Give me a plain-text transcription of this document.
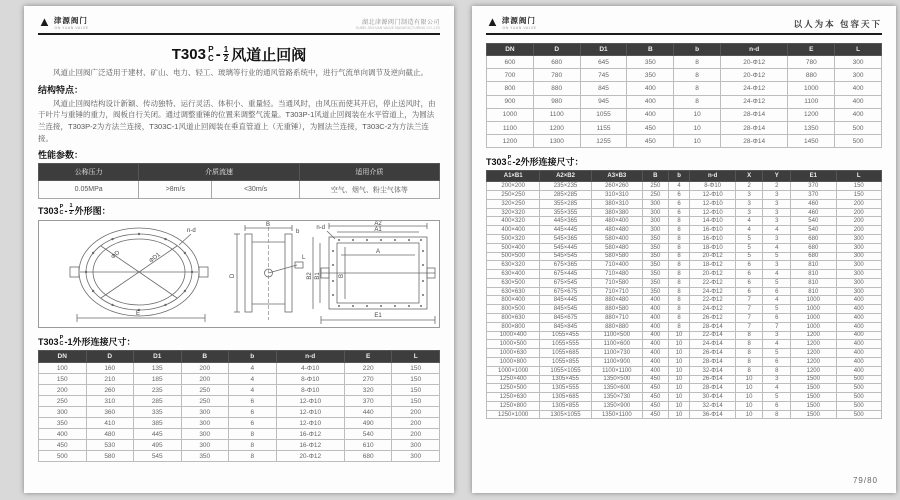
▲ 津源阀门
JIN YUAN VALVE
湖北津源阀门制造有限公司
HUBEI JINYUAN VALVE MANUFACTURING CO.,LTD
T303 P
C - $\frac{1}{2}$ 风道止回阀

风道止回阀广泛适用于建材、矿山、电力、轻工、玻璃等行业的通风管路系统中，进行气流单向调节及逆向截止。

结构特点：

风道止回阀结构设计新颖、传动独特、运行灵活、体积小、重量轻。当通风时，由风压而使其开启，停止送风时，由于叶片与重锤的重力，阀板自行关闭。通过调整重锤的位置来调整气流量。T303P-1风道止回阀装在水平管道上，为圆法兰连接，T303P-2为方法兰连接，T303C-1风道止回阀装在垂直管道上（无重锤），为圆法兰连接，T303C-2为方法兰连接。

性能参数：
公称压力	介质流速		适用介质
0.05MPa	>8m/s	<30m/s	空气、烟气、粉尘气体等
T303 P
C - $\frac{1}{2}$ 外形图：
n-d
ΦD	ΦD1
E
B
b
D
L
n-d
A2
A1
A
B2 B1	B
E1
T303 P
C -1外形连接尺寸：
DN	D	D1	B	b	n-d	E	L
100	160	135	200	4	4-Φ10	220	150
150	210	185	200	4	8-Φ10	270	150
200	260	235	250	4	8-Φ10	320	150
250	310	285	250	6	12-Φ10	370	150
300	360	335	300	6	12-Φ10	440	200
350	410	385	300	6	12-Φ10	490	200
400	480	445	300	8	16-Φ12	540	200
450	530	495	300	8	16-Φ12	610	300
500	580	545	350	8	20-Φ12	680	300
▲ 津源阀门
JIN YUAN VALVE	以人为本 包容天下
DN	D	D1	B	b	n-d	E	L
600	680	645	350	8	20-Φ12	780	300
700	780	745	350	8	20-Φ12	880	300
800	880	845	400	8	24-Φ12	1000	400
900	980	945	400	8	24-Φ12	1100	400
1000	1100	1055	400	10	28-Φ14	1200	400
1100	1200	1155	450	10	28-Φ14	1350	500
1200	1300	1255	450	10	28-Φ14	1450	500
T303 P
C -2外形连接尺寸：
A1×B1	A2×B2	A3×B3	B	b	n-d	X	Y	E1	L
200×200	235×235	260×260	250	4	8-Φ10	2	2	370	150
250×250	285×285	310×310	250	6	12-Φ10	3	3	370	150
320×250	355×285	380×310	300	6	12-Φ10	3	3	460	200
320×320	355×355	380×380	300	6	12-Φ10	3	3	460	200
400×320	445×365	480×400	300	8	14-Φ10	4	3	540	200
400×400	445×445	480×480	300	8	16-Φ10	4	4	540	200
500×320	545×365	580×400	350	8	16-Φ10	5	3	680	300
500×400	545×445	580×480	350	8	18-Φ10	5	4	680	300
500×500	545×545	580×580	350	8	20-Φ12	5	5	680	300
630×320	675×365	710×400	350	8	18-Φ12	6	3	810	300
630×400	675×445	710×480	350	8	20-Φ12	6	4	810	300
630×500	675×545	710×580	350	8	22-Φ12	6	5	810	300
630×630	675×675	710×710	350	8	24-Φ12	6	6	810	300
800×400	845×445	880×480	400	8	22-Φ12	7	4	1000	400
800×500	845×545	880×580	400	8	24-Φ12	7	5	1000	400
800×630	845×675	880×710	400	8	26-Φ12	7	6	1000	400
800×800	845×845	880×880	400	8	28-Φ14	7	7	1000	400
1000×400	1055×455	1100×500	400	10	22-Φ14	8	3	1200	400
1000×500	1055×555	1100×600	400	10	24-Φ14	8	4	1200	400
1000×630	1055×685	1100×730	400	10	26-Φ14	8	5	1200	400
1000×800	1055×855	1100×900	400	10	28-Φ14	8	6	1200	400
1000×1000	1055×1055	1100×1100	400	10	32-Φ14	8	8	1200	400
1250×400	1305×455	1350×500	450	10	26-Φ14	10	3	1500	500
1250×500	1305×555	1350×600	450	10	28-Φ14	10	4	1500	500
1250×630	1305×685	1350×730	450	10	30-Φ14	10	5	1500	500
1250×800	1305×855	1350×900	450	10	32-Φ14	10	6	1500	500
1250×1000	1305×1055	1350×1100	450	10	36-Φ14	10	8	1500	500
79/80
